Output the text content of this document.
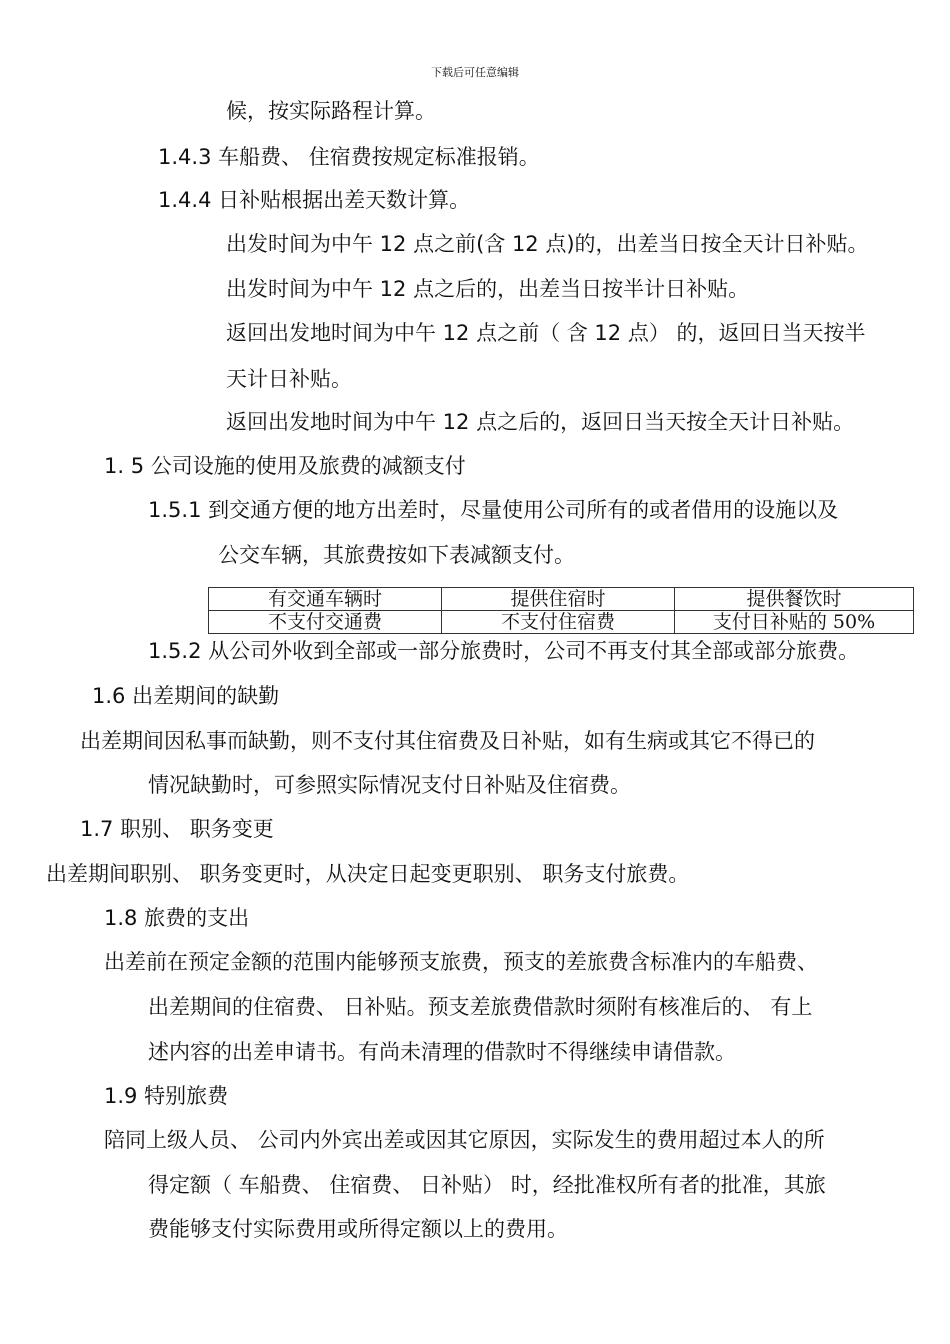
下载后可任意编辑
候，按实际路程计算。
1.4.3 车船费、 住宿费按规定标准报销。
1.4.4 日补贴根据出差天数计算。
出发时间为中午 12 点之前(含 12 点)的，出差当日按全天计日补贴。
出发时间为中午 12 点之后的，出差当日按半计日补贴。
返回出发地时间为中午 12 点之前（ 含 12 点） 的，返回日当天按半
天计日补贴。
返回出发地时间为中午 12 点之后的，返回日当天按全天计日补贴。
1. 5 公司设施的使用及旅费的减额支付
1.5.1 到交通方便的地方出差时，尽量使用公司所有的或者借用的设施以及
公交车辆，其旅费按如下表减额支付。
有交通车辆时	提供住宿时	提供餐饮时
不支付交通费	不支付住宿费	支付日补贴的 50%
1.5.2 从公司外收到全部或一部分旅费时，公司不再支付其全部或部分旅费。
1.6 出差期间的缺勤
出差期间因私事而缺勤，则不支付其住宿费及日补贴，如有生病或其它不得已的
情况缺勤时，可参照实际情况支付日补贴及住宿费。
1.7 职别、 职务变更
出差期间职别、 职务变更时，从决定日起变更职别、 职务支付旅费。
1.8 旅费的支出
出差前在预定金额的范围内能够预支旅费，预支的差旅费含标准内的车船费、
出差期间的住宿费、 日补贴。预支差旅费借款时须附有核准后的、 有上
述内容的出差申请书。有尚未清理的借款时不得继续申请借款。
1.9 特别旅费
陪同上级人员、 公司内外宾出差或因其它原因，实际发生的费用超过本人的所
得定额（ 车船费、 住宿费、 日补贴） 时，经批准权所有者的批准，其旅
费能够支付实际费用或所得定额以上的费用。
